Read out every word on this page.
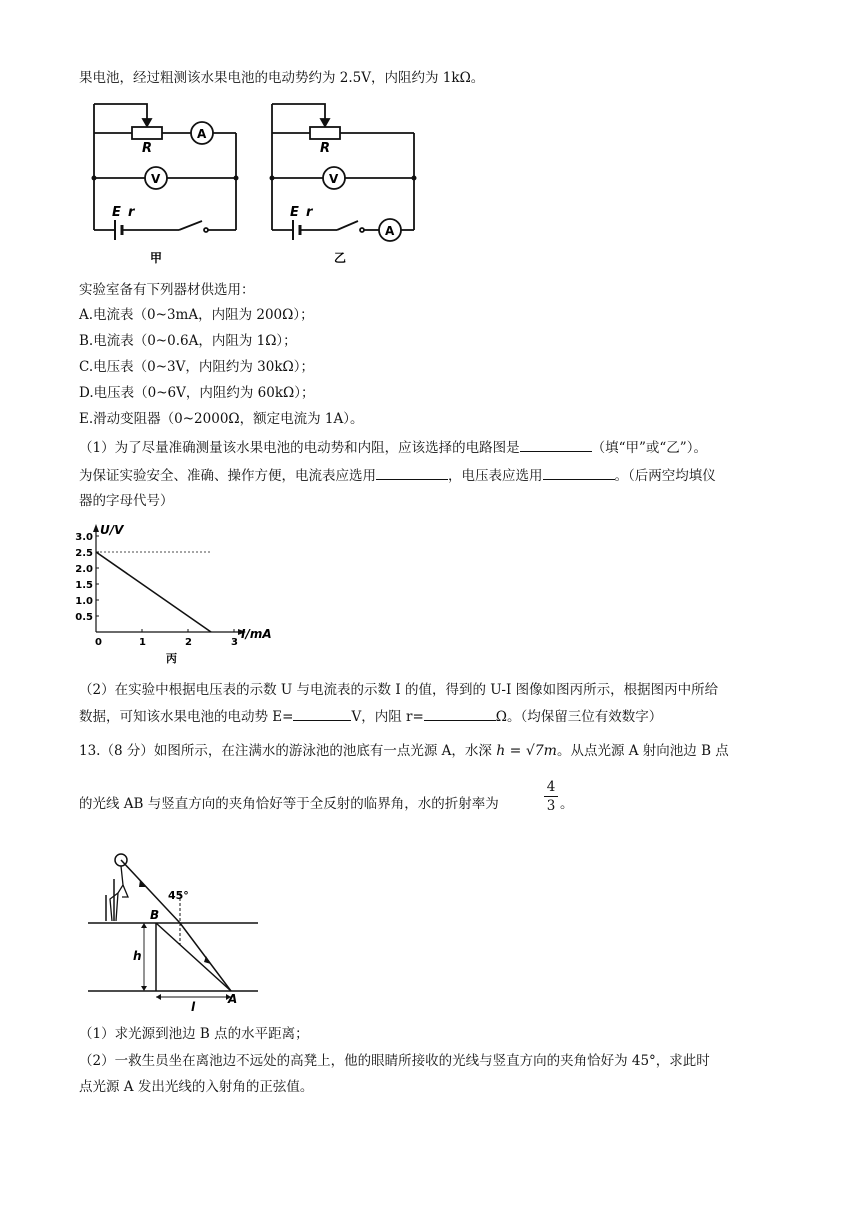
果电池，经过粗测该水果电池的电动势约为 2.5V，内阻约为 1kΩ。
R
A
V
E r
甲
R
V
E r
A
乙
实验室备有下列器材供选用：
A.电流表（0~3mA，内阻为 200Ω）；
B.电流表（0~0.6A，内阻为 1Ω）；
C.电压表（0~3V，内阻约为 30kΩ）；
D.电压表（0~6V，内阻约为 60kΩ）；
E.滑动变阻器（0~2000Ω，额定电流为 1A）。
（1）为了尽量准确测量该水果电池的电动势和内阻，应该选择的电路图是	（填“甲”或“乙”）。
为保证实验安全、准确、操作方便，电流表应选用	，电压表应选用	。（后两空均填仪
器的字母代号）
3.0
2.5
2.0
1.5
1.0
0.5
0	1	2	3
U/V
I/mA
丙
（2）在实验中根据电压表的示数 U 与电流表的示数 I 的值，得到的 U-I 图像如图丙所示，根据图丙中所给
数据，可知该水果电池的电动势 E=	V，内阻 r=	Ω。（均保留三位有效数字）
13.（8 分）如图所示，在注满水的游泳池的池底有一点光源 A，水深 h = √7m。从点光源 A 射向池边 B 点
的光线 AB 与竖直方向的夹角恰好等于全反射的临界角，水的折射率为	$\frac{4}{3}$ 。
45°
B
A
h
l
（1）求光源到池边 B 点的水平距离；
（2）一救生员坐在离池边不远处的高凳上，他的眼睛所接收的光线与竖直方向的夹角恰好为 45°，求此时
点光源 A 发出光线的入射角的正弦值。
